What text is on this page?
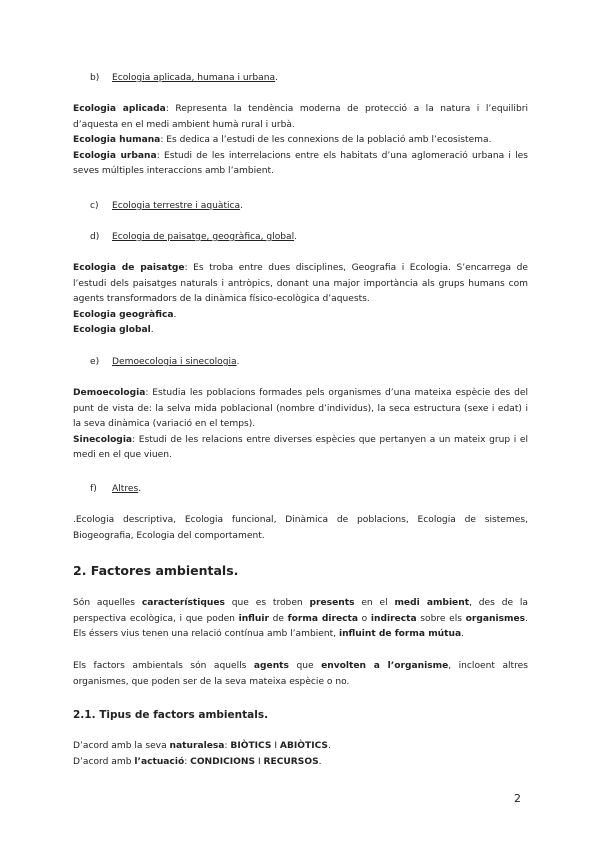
b) Ecologia aplicada, humana i urbana.

Ecologia aplicada: Representa la tendència moderna de protecció a la natura i l’equilibri d’aquesta en el medi ambient humà rural i urbà.

Ecologia humana: Es dedica a l’estudi de les connexions de la població amb l’ecosistema.

Ecologia urbana: Estudi de les interrelacions entre els habitats d’una aglomeració urbana i les seves múltiples interaccions amb l’ambient.

c) Ecologia terrestre i aquàtica.
d) Ecologia de paisatge, geogràfica, global.

Ecologia de paisatge: Es troba entre dues disciplines, Geografia i Ecologia. S’encarrega de l’estudi dels paisatges naturals i antròpics, donant una major importància als grups humans com agents transformadors de la dinàmica físico-ecològica d’aquests.

Ecologia geogràfica.

Ecologia global.

e) Demoecologia i sinecologia.

Demoecologia: Estudia les poblacions formades pels organismes d’una mateixa espècie des del punt de vista de: la selva mida poblacional (nombre d’individus), la seca estructura (sexe i edat) i la seva dinàmica (variació en el temps).

Sinecologia: Estudi de les relacions entre diverses espècies que pertanyen a un mateix grup i el medi en el que viuen.

f) Altres.

.Ecologia descriptiva, Ecologia funcional, Dinàmica de poblacions, Ecologia de sistemes, Biogeografia, Ecologia del comportament.

2. Factores ambientals.

Són aquelles característiques que es troben presents en el medi ambient, des de la perspectiva ecològica, i que poden influir de forma directa o indirecta sobre els organismes. Els éssers vius tenen una relació contínua amb l’ambient, influint de forma mútua.

Els factors ambientals són aquells agents que envolten a l’organisme, incloent altres organismes, que poden ser de la seva mateixa espècie o no.

2.1. Tipus de factors ambientals.

D’acord amb la seva naturalesa: BIÒTICS I ABIÒTICS.

D’acord amb l’actuació: CONDICIONS I RECURSOS.

2
